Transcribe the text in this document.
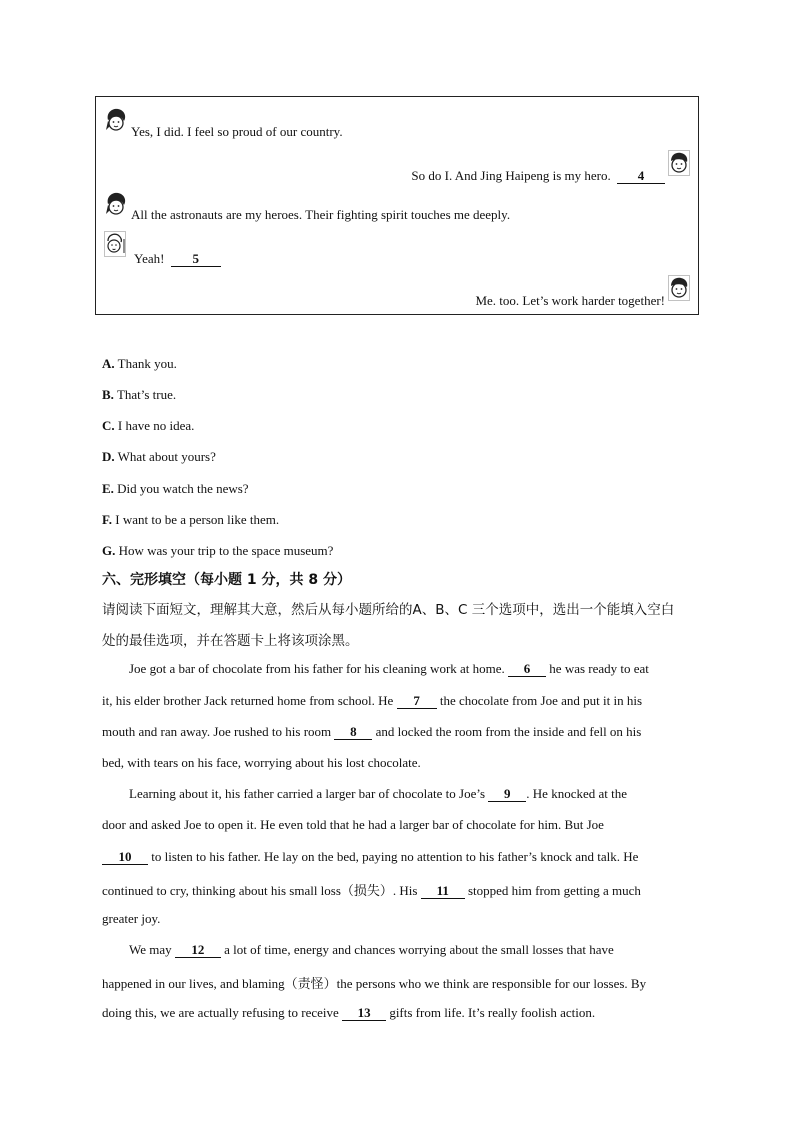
Yes, I did. I feel so proud of our country.
So do I. And Jing Haipeng is my hero. 4
All the astronauts are my heroes. Their fighting spirit touches me deeply.
Yeah! 5
Me. too. Let’s work harder together!
A. Thank you.
B. That’s true.
C. I have no idea.
D. What about yours?
E. Did you watch the news?
F. I want to be a person like them.
G. How was your trip to the space museum?
六、完形填空（每小题 1 分，共 8 分）
请阅读下面短文，理解其大意，然后从每小题所给的A、B、C 三个选项中，选出一个能填入空白
处的最佳选项，并在答题卡上将该项涂黑。
Joe got a bar of chocolate from his father for his cleaning work at home. 6 he was ready to eat
it, his elder brother Jack returned home from school. He 7 the chocolate from Joe and put it in his
mouth and ran away. Joe rushed to his room 8 and locked the room from the inside and fell on his
bed, with tears on his face, worrying about his lost chocolate.
Learning about it, his father carried a larger bar of chocolate to Joe’s 9 . He knocked at the
door and asked Joe to open it. He even told that he had a larger bar of chocolate for him. But Joe
10 to listen to his father. He lay on the bed, paying no attention to his father’s knock and talk. He
continued to cry, thinking about his small loss（损失）. His 11 stopped him from getting a much
greater joy.
We may 12 a lot of time, energy and chances worrying about the small losses that have
happened in our lives, and blaming（责怪）the persons who we think are responsible for our losses. By
doing this, we are actually refusing to receive 13 gifts from life. It’s really foolish action.
